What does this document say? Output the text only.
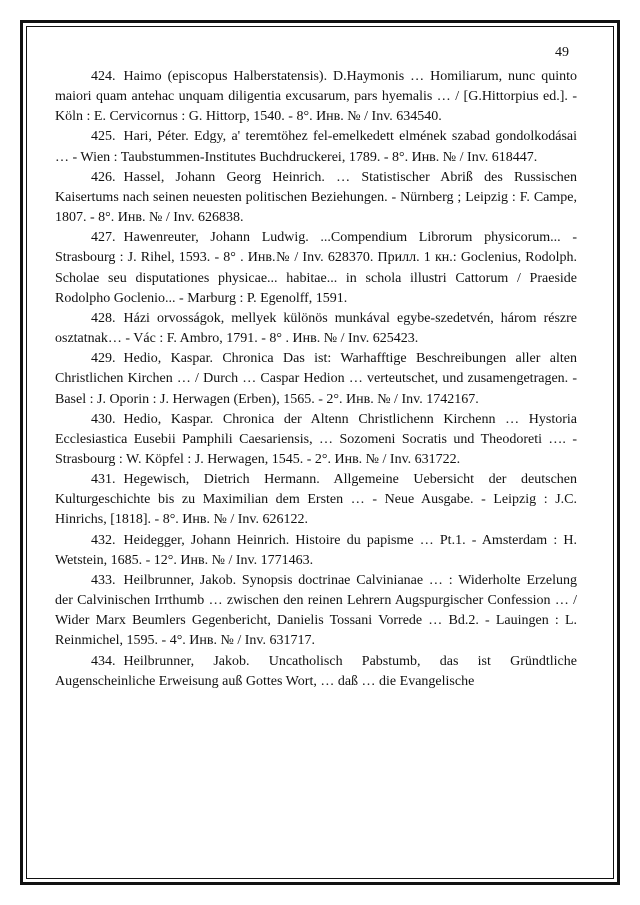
49
424. Haimo (episcopus Halberstatensis). D.Haymonis … Homiliarum, nunc quinto maiori quam antehac unquam diligentia excusarum, pars hyemalis … / [G.Hittorpius ed.]. - Köln : E. Cervicornus : G. Hittorp, 1540. - 8°. Инв. № / Inv. 634540.
425. Hari, Péter. Edgy, a' teremtöhez fel-emelkedett elmének szabad gondolkodásai … - Wien : Taubstummen-Institutes Buchdruckerei, 1789. - 8°. Инв. № / Inv. 618447.
426. Hassel, Johann Georg Heinrich. … Statistischer Abriß des Russischen Kaisertums nach seinen neuesten politischen Beziehungen. - Nürnberg ; Leipzig : F. Campe, 1807. - 8°. Инв. № / Inv. 626838.
427. Hawenreuter, Johann Ludwig. ...Compendium Librorum physicorum... - Strasbourg : J. Rihel, 1593. - 8° . Инв.№ / Inv. 628370. Прилл. 1 кн.: Goclenius, Rodolph. Scholae seu disputationes physicae... habitae... in schola illustri Cattorum / Praeside Rodolpho Goclenio... - Marburg : P. Egenolff, 1591.
428. Házi orvosságok, mellyek különös munkával egybe-szedetvén, három részre osztatnak… - Vác : F. Ambro, 1791. - 8° . Инв. № / Inv. 625423.
429. Hedio, Kaspar. Chronica Das ist: Warhafftige Beschreibungen aller alten Christlichen Kirchen … / Durch … Caspar Hedion … verteutschet, und zusamengetragen. - Basel : J. Oporin : J. Herwagen (Erben), 1565. - 2°. Инв. № / Inv. 1742167.
430. Hedio, Kaspar. Chronica der Altenn Christlichenn Kirchenn … Hystoria Ecclesiastica Eusebii Pamphili Caesariensis, … Sozomeni Socratis und Theodoreti …. - Strasbourg : W. Köpfel : J. Herwagen, 1545. - 2°. Инв. № / Inv. 631722.
431. Hegewisch, Dietrich Hermann. Allgemeine Uebersicht der deutschen Kulturgeschichte bis zu Maximilian dem Ersten … - Neue Ausgabe. - Leipzig : J.C. Hinrichs, [1818]. - 8°. Инв. № / Inv. 626122.
432. Heidegger, Johann Heinrich. Histoire du papisme … Pt.1. - Amsterdam : H. Wetstein, 1685. - 12°. Инв. № / Inv. 1771463.
433. Heilbrunner, Jakob. Synopsis doctrinae Calvinianae … : Widerholte Erzelung der Calvinischen Irrthumb … zwischen den reinen Lehrern Augspurgischer Confession … / Wider Marx Beumlers Gegenbericht, Danielis Tossani Vorrede … Bd.2. - Lauingen : L. Reinmichel, 1595. - 4°. Инв. № / Inv. 631717.
434. Heilbrunner, Jakob. Uncatholisch Pabstumb, das ist Gründtliche Augenscheinliche Erweisung auß Gottes Wort, … daß … die Evangelische
